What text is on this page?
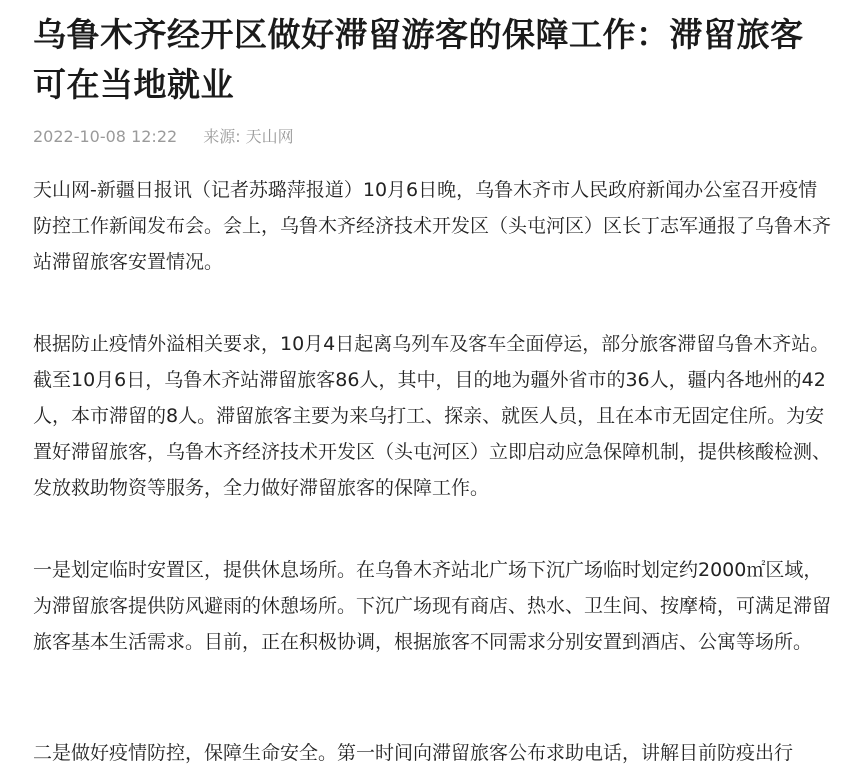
乌鲁木齐经开区做好滞留游客的保障工作：滞留旅客可在当地就业
2022-10-08 12:22 来源: 天山网

天山网-新疆日报讯（记者苏璐萍报道）10月6日晚，乌鲁木齐市人民政府新闻办公室召开疫情防控工作新闻发布会。会上，乌鲁木齐经济技术开发区（头屯河区）区长丁志军通报了乌鲁木齐站滞留旅客安置情况。

根据防止疫情外溢相关要求，10月4日起离乌列车及客车全面停运，部分旅客滞留乌鲁木齐站。截至10月6日，乌鲁木齐站滞留旅客86人，其中，目的地为疆外省市的36人，疆内各地州的42人，本市滞留的8人。滞留旅客主要为来乌打工、探亲、就医人员，且在本市无固定住所。为安置好滞留旅客，乌鲁木齐经济技术开发区（头屯河区）立即启动应急保障机制，提供核酸检测、发放救助物资等服务，全力做好滞留旅客的保障工作。

一是划定临时安置区，提供休息场所。在乌鲁木齐站北广场下沉广场临时划定约2000㎡区域，为滞留旅客提供防风避雨的休憩场所。下沉广场现有商店、热水、卫生间、按摩椅，可满足滞留旅客基本生活需求。目前，正在积极协调，根据旅客不同需求分别安置到酒店、公寓等场所。

二是做好疫情防控，保障生命安全。第一时间向滞留旅客公布求助电话，讲解目前防疫出行
